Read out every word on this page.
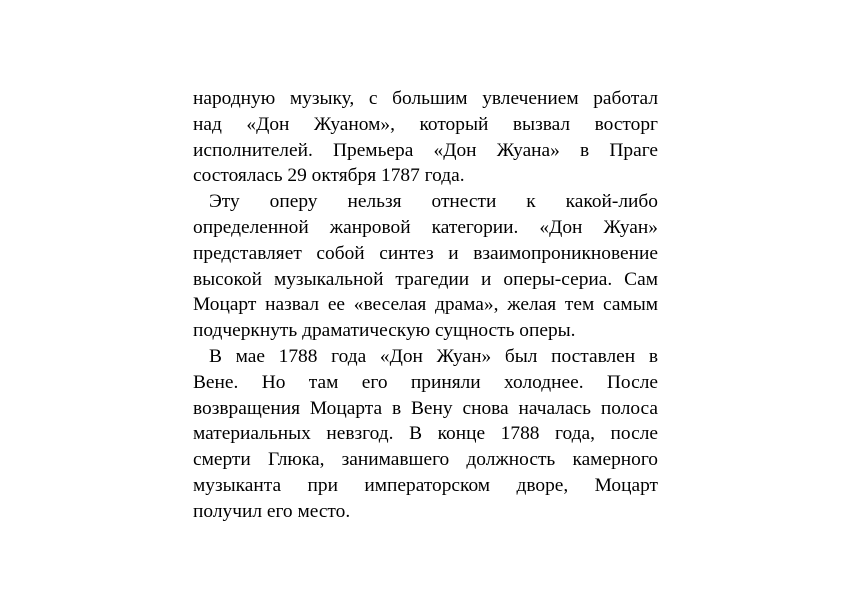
народную музыку, с большим увлечением работал
над «Дон Жуаном», который вызвал восторг
исполнителей. Премьера «Дон Жуана» в Праге
состоялась 29 октября 1787 года.
Эту оперу нельзя отнести к какой-либо
определенной жанровой категории. «Дон Жуан»
представляет собой синтез и взаимопроникновение
высокой музыкальной трагедии и оперы-сериа. Сам
Моцарт назвал ее «веселая драма», желая тем самым
подчеркнуть драматическую сущность оперы.
В мае 1788 года «Дон Жуан» был поставлен в
Вене. Но там его приняли холоднее. После
возвращения Моцарта в Вену снова началась полоса
материальных невзгод. В конце 1788 года, после
смерти Глюка, занимавшего должность камерного
музыканта при императорском дворе, Моцарт
получил его место.
